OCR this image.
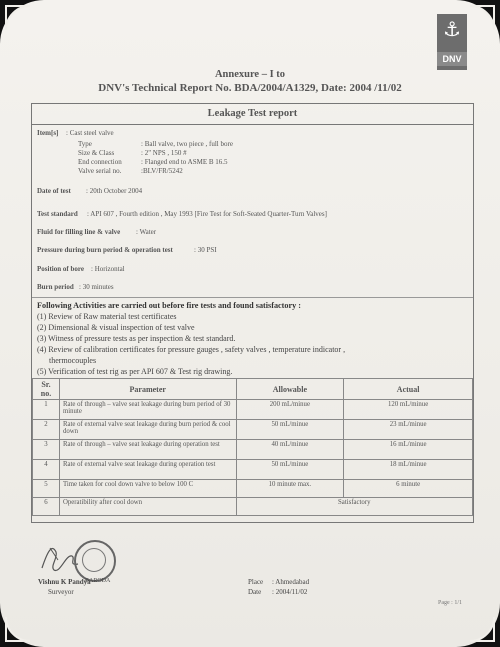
⚓
DNV
Annexure – I to
DNV's Technical Report No. BDA/2004/A1329, Date: 2004 /11/02
Leakage Test report
Item[s] : Cast steel valve
Type	: Ball valve, two piece , full bore
Size & Class	: 2" NPS , 150 #
End connection	: Flanged end to ASME B 16.5
Valve serial no.	:BLV/FR/5242
Date of test : 20th October 2004
Test standard : API 607 , Fourth edition , May 1993 [Fire Test for Soft-Seated Quarter-Turn Valves]
Fluid for filling line & valve : Water
Pressure during burn period & operation test	: 30 PSI
Position of bore : Horizontal
Burn period : 30 minutes
Following Activities are carried out before fire tests and found satisfactory :
(1) Review of Raw material test certificates
(2) Dimensional & visual inspection of test valve
(3) Witness of pressure tests as per inspection & test standard.
(4) Review of calibration certificates for pressure gauges , safety valves , temperature indicator ,
thermocouples
(5) Verification of test rig as per API 607 & Test rig drawing.
Sr. no.	Parameter	Allowable	Actual
1	Rate of through – valve seat leakage during burn period of 30 minute	200 mL/minue	120 mL/minue
2	Rate of external valve seat leakage during burn period & cool down	50 mL/minue	23 mL/minue
3	Rate of through – valve seat leakage during operation test	40 mL/minue	16 mL/minue
4	Rate of external valve seat leakage during operation test	50 mL/minue	18 mL/minue
5	Time taken for cool down valve to below 100 C	10 minute max.	6 minute
6	Operatibility after cool down	Satisfactory	
Vishnu K Pandya
BARODA
Surveyor
Place : Ahmedabad
Date : 2004/11/02
Page : 1/1
